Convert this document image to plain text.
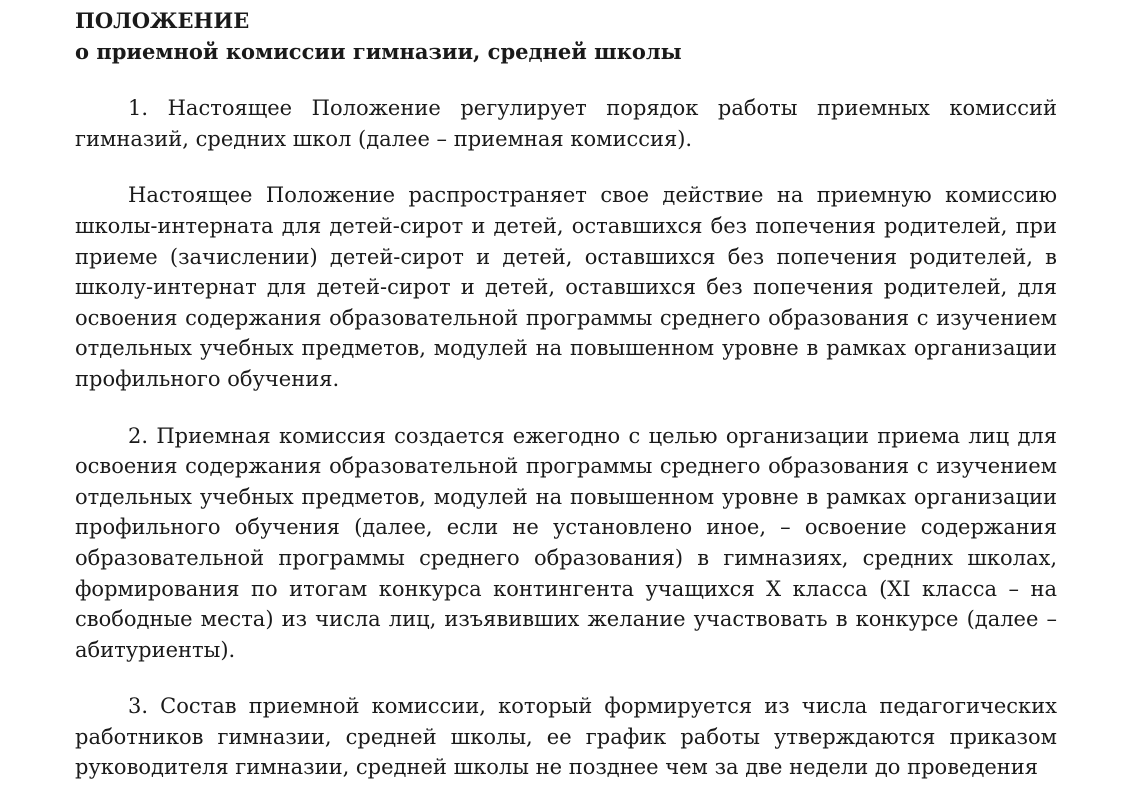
ПОЛОЖЕНИЕ
о приемной комиссии гимназии, средней школы

1. Настоящее Положение регулирует порядок работы приемных комиссий гимназий, средних школ (далее – приемная комиссия).

Настоящее Положение распространяет свое действие на приемную комиссию школы-интерната для детей-сирот и детей, оставшихся без попечения родителей, при приеме (зачислении) детей-сирот и детей, оставшихся без попечения родителей, в школу-интернат для детей-сирот и детей, оставшихся без попечения родителей, для освоения содержания образовательной программы среднего образования с изучением отдельных учебных предметов, модулей на повышенном уровне в рамках организации профильного обучения.

2. Приемная комиссия создается ежегодно с целью организации приема лиц для освоения содержания образовательной программы среднего образования с изучением отдельных учебных предметов, модулей на повышенном уровне в рамках организации профильного обучения (далее, если не установлено иное, – освоение содержания образовательной программы среднего образования) в гимназиях, средних школах, формирования по итогам конкурса контингента учащихся X класса (XI класса – на свободные места) из числа лиц, изъявивших желание участвовать в конкурсе (далее – абитуриенты).

3. Состав приемной комиссии, который формируется из числа педагогических работников гимназии, средней школы, ее график работы утверждаются приказом руководителя гимназии, средней школы не позднее чем за две недели до проведения
